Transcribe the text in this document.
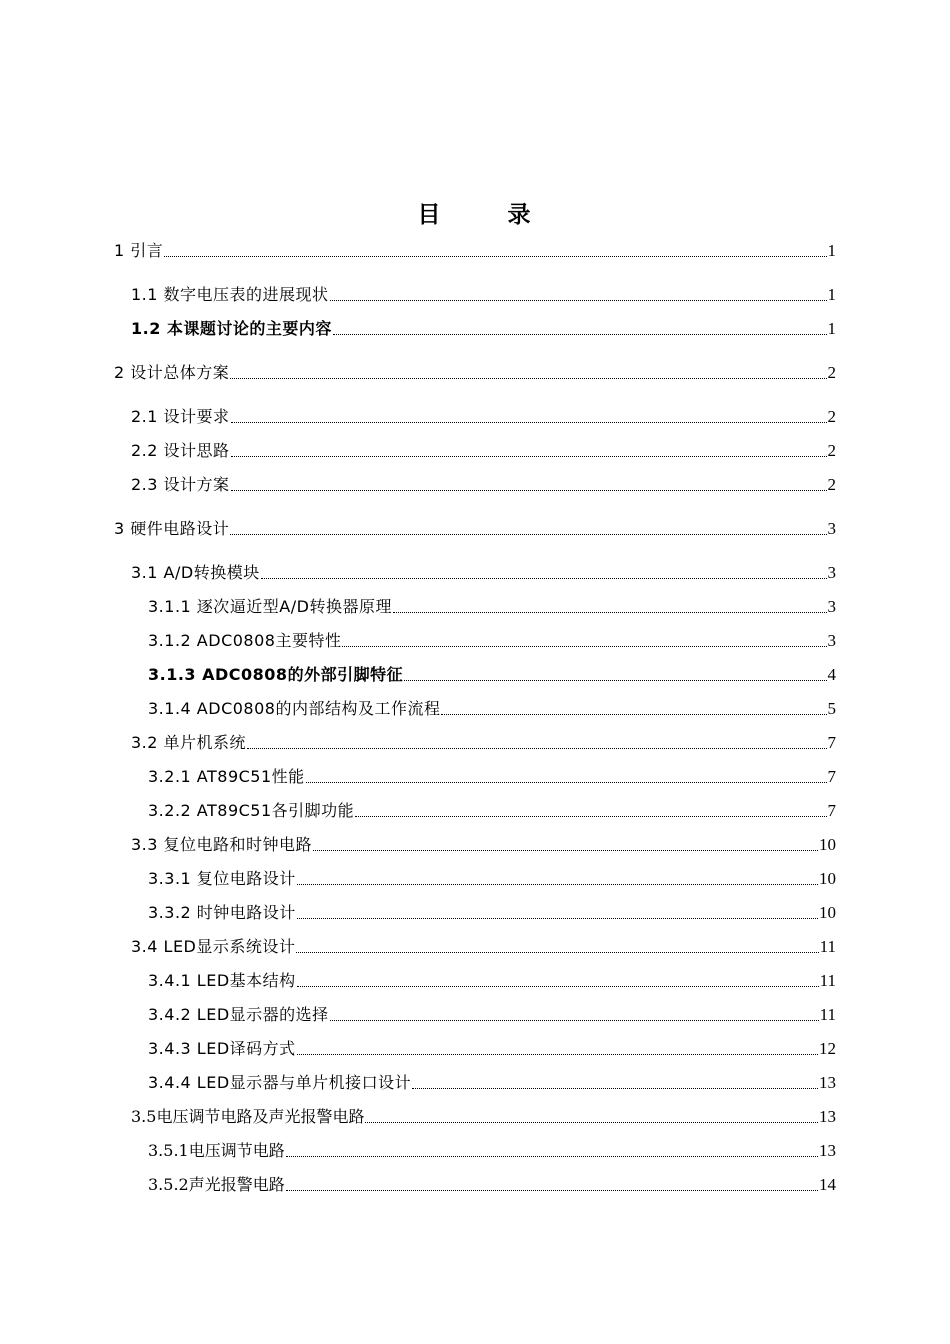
目　录
1 引言	1
1.1 数字电压表的进展现状	1
1.2 本课题讨论的主要内容	1
2 设计总体方案	2
2.1 设计要求	2
2.2 设计思路	2
2.3 设计方案	2
3 硬件电路设计	3
3.1 A/D转换模块	3
3.1.1 逐次逼近型A/D转换器原理	3
3.1.2 ADC0808主要特性	3
3.1.3 ADC0808的外部引脚特征	4
3.1.4 ADC0808的内部结构及工作流程	5
3.2 单片机系统	7
3.2.1 AT89C51性能	7
3.2.2 AT89C51各引脚功能	7
3.3 复位电路和时钟电路	10
3.3.1 复位电路设计	10
3.3.2 时钟电路设计	10
3.4 LED显示系统设计	11
3.4.1 LED基本结构	11
3.4.2 LED显示器的选择	11
3.4.3 LED译码方式	12
3.4.4 LED显示器与单片机接口设计	13
3.5电压调节电路及声光报警电路	13
3.5.1电压调节电路	13
3.5.2声光报警电路	14
